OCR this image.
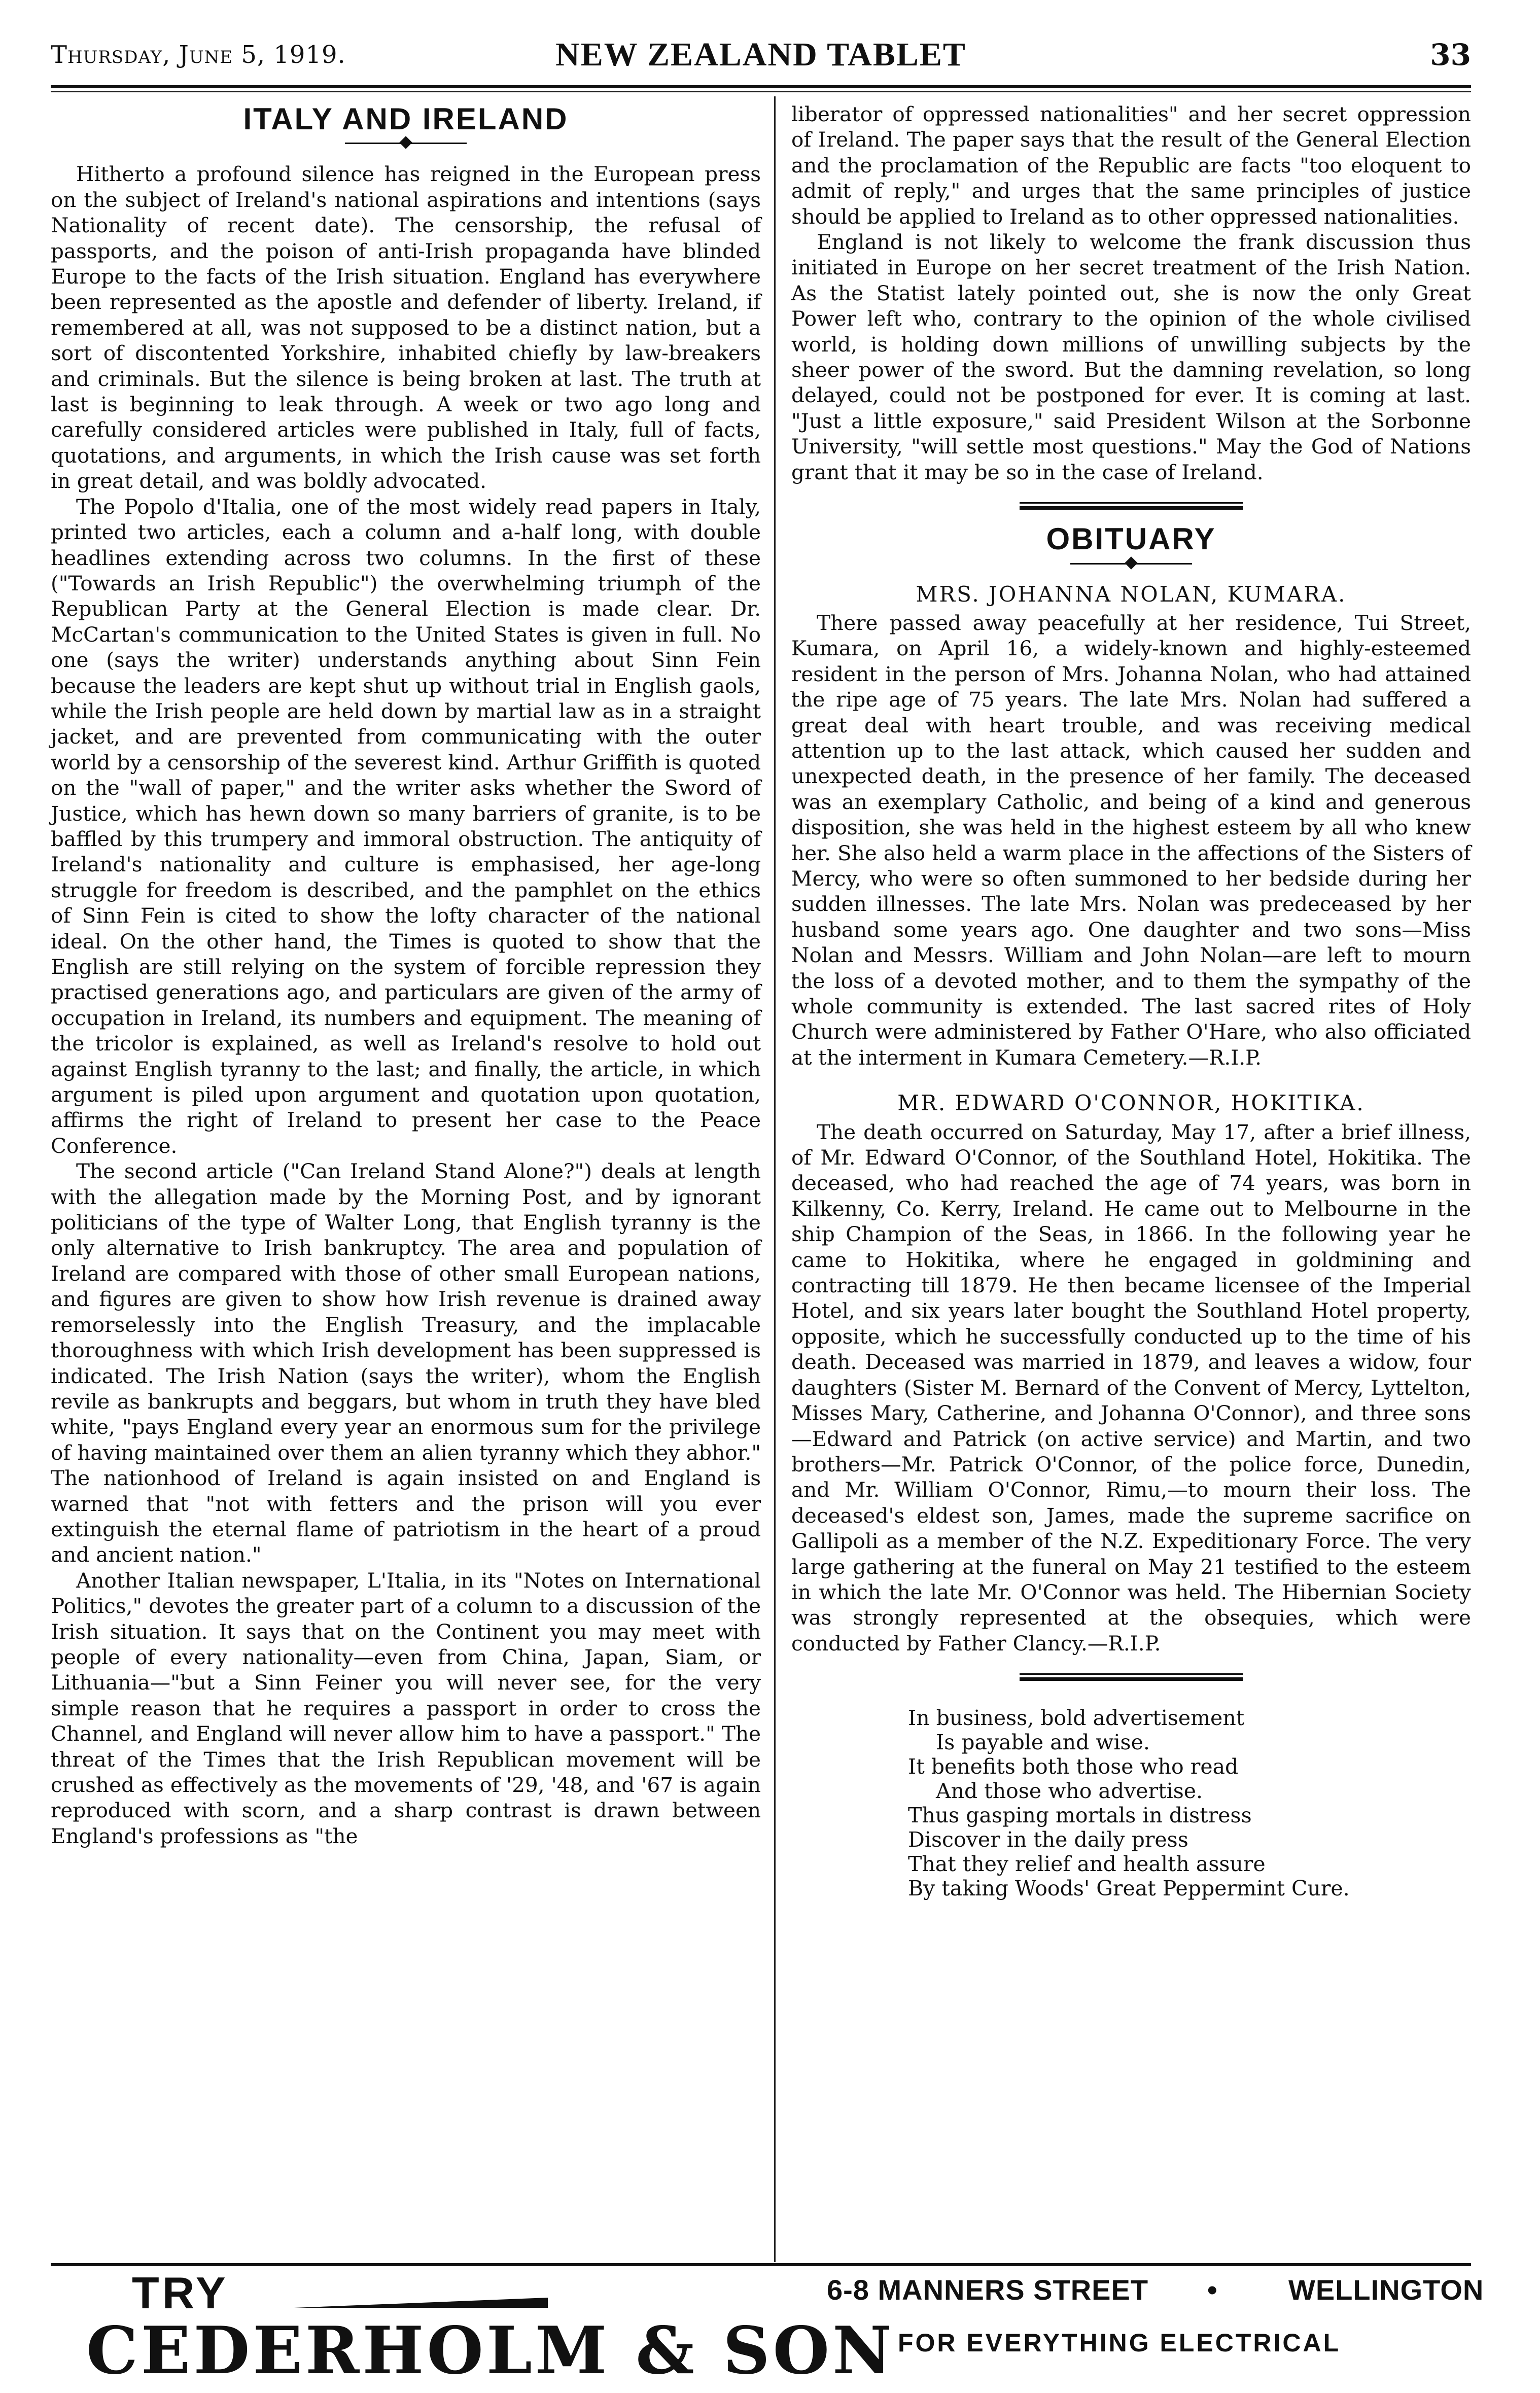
Thursday, June 5, 1919.	NEW ZEALAND TABLET	33
ITALY AND IRELAND

Hitherto a profound silence has reigned in the European press on the subject of Ireland's national aspirations and intentions (says Nationality of recent date). The censorship, the refusal of passports, and the poison of anti-Irish propaganda have blinded Europe to the facts of the Irish situation. England has everywhere been represented as the apostle and defender of liberty. Ireland, if remembered at all, was not supposed to be a distinct nation, but a sort of discontented Yorkshire, inhabited chiefly by law-breakers and criminals. But the silence is being broken at last. The truth at last is beginning to leak through. A week or two ago long and carefully considered articles were published in Italy, full of facts, quotations, and arguments, in which the Irish cause was set forth in great detail, and was boldly advocated.

The Popolo d'Italia, one of the most widely read papers in Italy, printed two articles, each a column and a-half long, with double headlines extending across two columns. In the first of these ("Towards an Irish Republic") the overwhelming triumph of the Republican Party at the General Election is made clear. Dr. McCartan's communication to the United States is given in full. No one (says the writer) understands anything about Sinn Fein because the leaders are kept shut up without trial in English gaols, while the Irish people are held down by martial law as in a straight jacket, and are prevented from communicating with the outer world by a censorship of the severest kind. Arthur Griffith is quoted on the "wall of paper," and the writer asks whether the Sword of Justice, which has hewn down so many barriers of granite, is to be baffled by this trumpery and immoral obstruction. The antiquity of Ireland's nationality and culture is emphasised, her age-long struggle for freedom is described, and the pamphlet on the ethics of Sinn Fein is cited to show the lofty character of the national ideal. On the other hand, the Times is quoted to show that the English are still relying on the system of forcible repression they practised generations ago, and particulars are given of the army of occupation in Ireland, its numbers and equipment. The meaning of the tricolor is explained, as well as Ireland's resolve to hold out against English tyranny to the last; and finally, the article, in which argument is piled upon argument and quotation upon quotation, affirms the right of Ireland to present her case to the Peace Conference.

The second article ("Can Ireland Stand Alone?") deals at length with the allegation made by the Morning Post, and by ignorant politicians of the type of Walter Long, that English tyranny is the only alternative to Irish bankruptcy. The area and population of Ireland are compared with those of other small European nations, and figures are given to show how Irish revenue is drained away remorselessly into the English Treasury, and the implacable thoroughness with which Irish development has been suppressed is indicated. The Irish Nation (says the writer), whom the English revile as bankrupts and beggars, but whom in truth they have bled white, "pays England every year an enormous sum for the privilege of having maintained over them an alien tyranny which they abhor." The nationhood of Ireland is again insisted on and England is warned that "not with fetters and the prison will you ever extinguish the eternal flame of patriotism in the heart of a proud and ancient nation."

Another Italian newspaper, L'Italia, in its "Notes on International Politics," devotes the greater part of a column to a discussion of the Irish situation. It says that on the Continent you may meet with people of every nationality—even from China, Japan, Siam, or Lithuania—"but a Sinn Feiner you will never see, for the very simple reason that he requires a passport in order to cross the Channel, and England will never allow him to have a passport." The threat of the Times that the Irish Republican movement will be crushed as effectively as the movements of '29, '48, and '67 is again reproduced with scorn, and a sharp contrast is drawn between England's professions as "the

liberator of oppressed nationalities" and her secret oppression of Ireland. The paper says that the result of the General Election and the proclamation of the Republic are facts "too eloquent to admit of reply," and urges that the same principles of justice should be applied to Ireland as to other oppressed nationalities.

England is not likely to welcome the frank discussion thus initiated in Europe on her secret treatment of the Irish Nation. As the Statist lately pointed out, she is now the only Great Power left who, contrary to the opinion of the whole civilised world, is holding down millions of unwilling subjects by the sheer power of the sword. But the damning revelation, so long delayed, could not be postponed for ever. It is coming at last. "Just a little exposure," said President Wilson at the Sorbonne University, "will settle most questions." May the God of Nations grant that it may be so in the case of Ireland.

OBITUARY
MRS. JOHANNA NOLAN, KUMARA.

There passed away peacefully at her residence, Tui Street, Kumara, on April 16, a widely-known and highly-esteemed resident in the person of Mrs. Johanna Nolan, who had attained the ripe age of 75 years. The late Mrs. Nolan had suffered a great deal with heart trouble, and was receiving medical attention up to the last attack, which caused her sudden and unexpected death, in the presence of her family. The deceased was an exemplary Catholic, and being of a kind and generous disposition, she was held in the highest esteem by all who knew her. She also held a warm place in the affections of the Sisters of Mercy, who were so often summoned to her bedside during her sudden illnesses. The late Mrs. Nolan was predeceased by her husband some years ago. One daughter and two sons—Miss Nolan and Messrs. William and John Nolan—are left to mourn the loss of a devoted mother, and to them the sympathy of the whole community is extended. The last sacred rites of Holy Church were administered by Father O'Hare, who also officiated at the interment in Kumara Cemetery.—R.I.P.

MR. EDWARD O'CONNOR, HOKITIKA.

The death occurred on Saturday, May 17, after a brief illness, of Mr. Edward O'Connor, of the Southland Hotel, Hokitika. The deceased, who had reached the age of 74 years, was born in Kilkenny, Co. Kerry, Ireland. He came out to Melbourne in the ship Champion of the Seas, in 1866. In the following year he came to Hokitika, where he engaged in goldmining and contracting till 1879. He then became licensee of the Imperial Hotel, and six years later bought the Southland Hotel property, opposite, which he successfully conducted up to the time of his death. Deceased was married in 1879, and leaves a widow, four daughters (Sister M. Bernard of the Convent of Mercy, Lyttelton, Misses Mary, Catherine, and Johanna O'Connor), and three sons—Edward and Patrick (on active service) and Martin, and two brothers—Mr. Patrick O'Connor, of the police force, Dunedin, and Mr. William O'Connor, Rimu,—to mourn their loss. The deceased's eldest son, James, made the supreme sacrifice on Gallipoli as a member of the N.Z. Expeditionary Force. The very large gathering at the funeral on May 21 testified to the esteem in which the late Mr. O'Connor was held. The Hibernian Society was strongly represented at the obsequies, which were conducted by Father Clancy.—R.I.P.

In business, bold advertisement
Is payable and wise.
It benefits both those who read
And those who advertise.
Thus gasping mortals in distress
Discover in the daily press
That they relief and health assure
By taking Woods' Great Peppermint Cure.
TRY
CEDERHOLM & SON
6-8 MANNERS STREET •	WELLINGTON
FOR EVERYTHING ELECTRICAL
